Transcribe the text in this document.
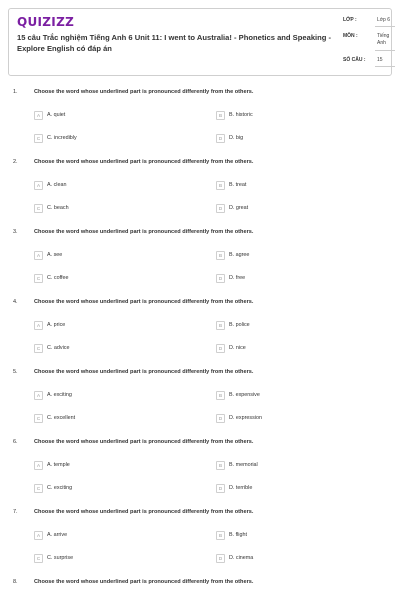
QUIZIZZ
15 câu Trắc nghiệm Tiếng Anh 6 Unit 11: I went to Australia! - Phonetics and Speaking - Explore English có đáp án
LỚP :	Lớp 6
MÔN :	Tiếng Anh
SỐ CÂU : 15
1.	Choose the word whose underlined part is pronounced differently from the others.
A	A. quiet	B	B. historic
C	C. incredibly	D	D. big
2.	Choose the word whose underlined part is pronounced differently from the others.
A	A. clean	B	B. treat
C	C. beach	D	D. great
3.	Choose the word whose underlined part is pronounced differently from the others.
A	A. see	B	B. agree
C	C. coffee	D	D. free
4.	Choose the word whose underlined part is pronounced differently from the others.
A	A. price	B	B. police
C	C. advice	D	D. nice
5.	Choose the word whose underlined part is pronounced differently from the others.
A	A. exciting	B	B. expensive
C	C. excellent	D	D. expression
6.	Choose the word whose underlined part is pronounced differently from the others.
A	A. temple	B	B. memorial
C	C. exciting	D	D. terrible
7.	Choose the word whose underlined part is pronounced differently from the others.
A	A. arrive	B	B. flight
C	C. surprise	D	D. cinema
8.	Choose the word whose underlined part is pronounced differently from the others.
